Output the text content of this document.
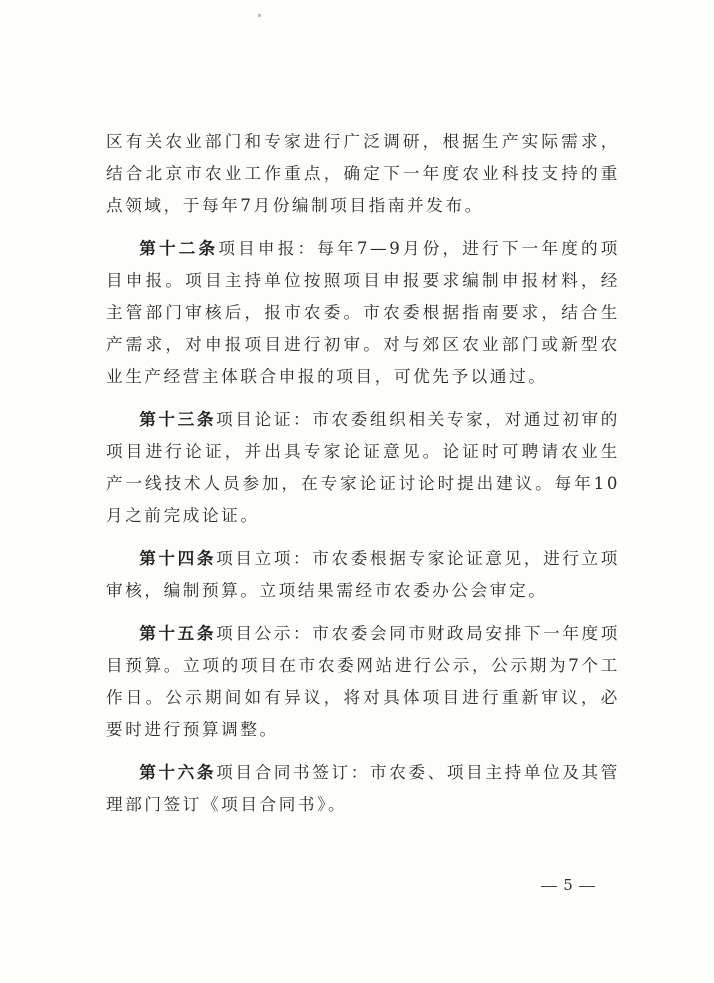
区有关农业部门和专家进行广泛调研，根据生产实际需求，结合北京市农业工作重点，确定下一年度农业科技支持的重点领域，于每年7月份编制项目指南并发布。

第十二条项目申报：每年7—9月份，进行下一年度的项目申报。项目主持单位按照项目申报要求编制申报材料，经主管部门审核后，报市农委。市农委根据指南要求，结合生产需求，对申报项目进行初审。对与郊区农业部门或新型农业生产经营主体联合申报的项目，可优先予以通过。

第十三条项目论证：市农委组织相关专家，对通过初审的项目进行论证，并出具专家论证意见。论证时可聘请农业生产一线技术人员参加，在专家论证讨论时提出建议。每年10月之前完成论证。

第十四条项目立项：市农委根据专家论证意见，进行立项审核，编制预算。立项结果需经市农委办公会审定。

第十五条项目公示：市农委会同市财政局安排下一年度项目预算。立项的项目在市农委网站进行公示，公示期为7个工作日。公示期间如有异议，将对具体项目进行重新审议，必要时进行预算调整。

第十六条项目合同书签订：市农委、项目主持单位及其管理部门签订《项目合同书》。

5
